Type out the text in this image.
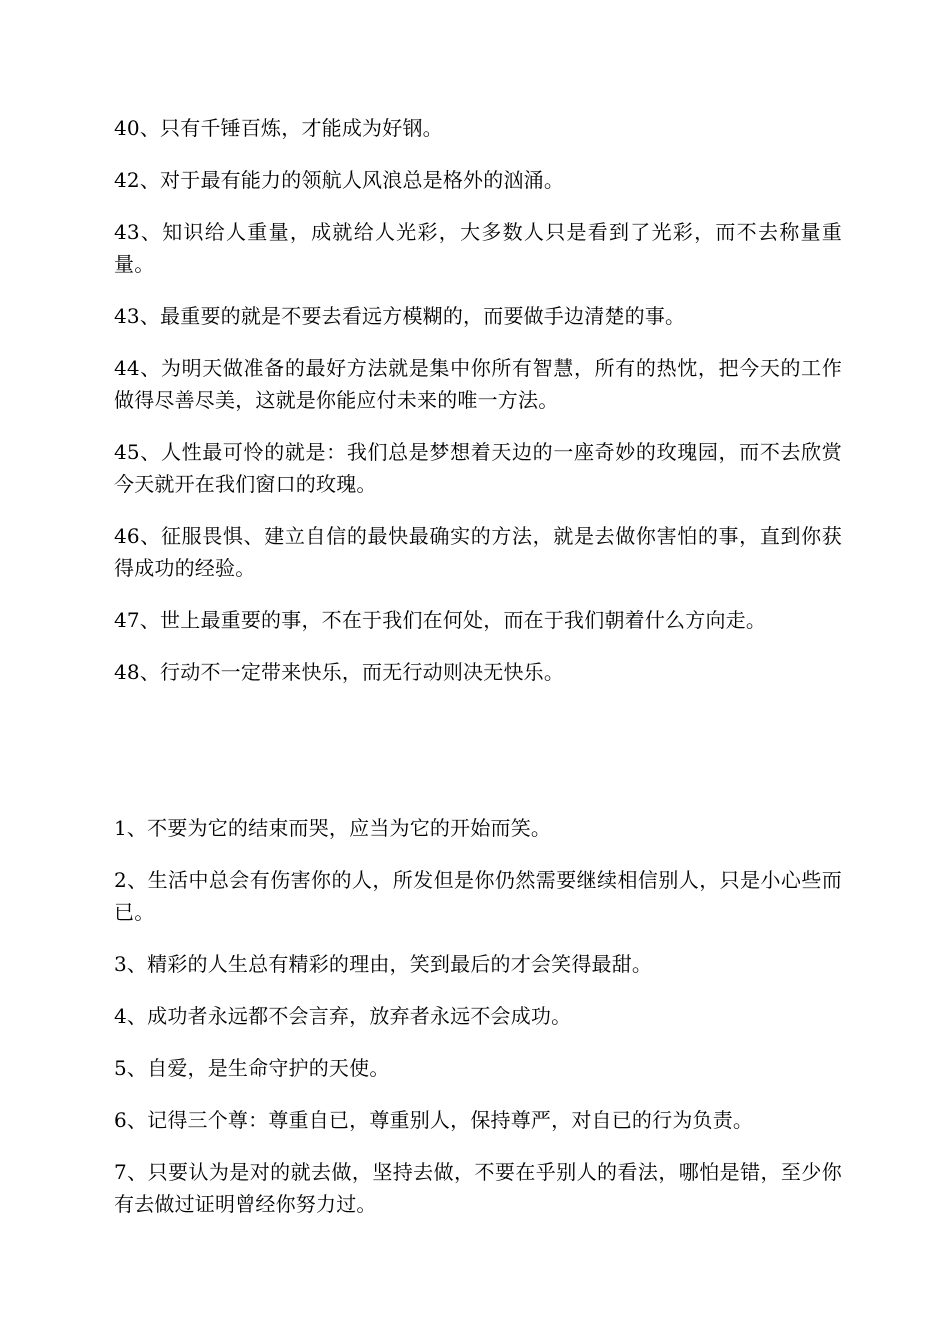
40、只有千锤百炼，才能成为好钢。

42、对于最有能力的领航人风浪总是格外的汹涌。

43、知识给人重量，成就给人光彩，大多数人只是看到了光彩，而不去称量重量。

43、最重要的就是不要去看远方模糊的，而要做手边清楚的事。

44、为明天做准备的最好方法就是集中你所有智慧，所有的热忱，把今天的工作做得尽善尽美，这就是你能应付未来的唯一方法。

45、人性最可怜的就是：我们总是梦想着天边的一座奇妙的玫瑰园，而不去欣赏今天就开在我们窗口的玫瑰。

46、征服畏惧、建立自信的最快最确实的方法，就是去做你害怕的事，直到你获得成功的经验。

47、世上最重要的事，不在于我们在何处，而在于我们朝着什么方向走。

48、行动不一定带来快乐，而无行动则决无快乐。

1、不要为它的结束而哭，应当为它的开始而笑。

2、生活中总会有伤害你的人，所发但是你仍然需要继续相信别人，只是小心些而已。

3、精彩的人生总有精彩的理由，笑到最后的才会笑得最甜。

4、成功者永远都不会言弃，放弃者永远不会成功。

5、自爱，是生命守护的天使。

6、记得三个尊：尊重自已，尊重别人，保持尊严，对自已的行为负责。

7、只要认为是对的就去做，坚持去做，不要在乎别人的看法，哪怕是错，至少你有去做过证明曾经你努力过。
